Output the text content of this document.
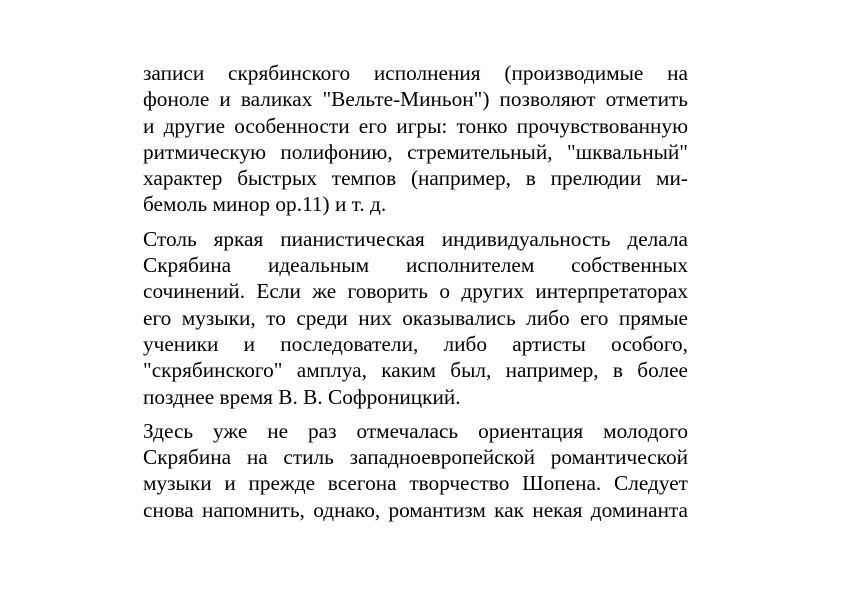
записи скрябинского исполнения (производимые на
фоноле и валиках "Вельте-Миньон") позволяют отметить
и другие особенности его игры: тонко прочувствованную
ритмическую полифонию, стремительный, "шквальный"
характер быстрых темпов (например, в прелюдии ми-
бемоль минор ор.11) и т. д.
Столь яркая пианистическая индивидуальность делала
Скрябина идеальным исполнителем собственных
сочинений. Если же говорить о других интерпретаторах
его музыки, то среди них оказывались либо его прямые
ученики и последователи, либо артисты особого,
"скрябинского" амплуа, каким был, например, в более
позднее время В. В. Софроницкий.
Здесь уже не раз отмечалась ориентация молодого
Скрябина на стиль западноевропейской романтической
музыки и прежде всегона творчество Шопена. Следует
снова напомнить, однако, романтизм как некая доминанта
